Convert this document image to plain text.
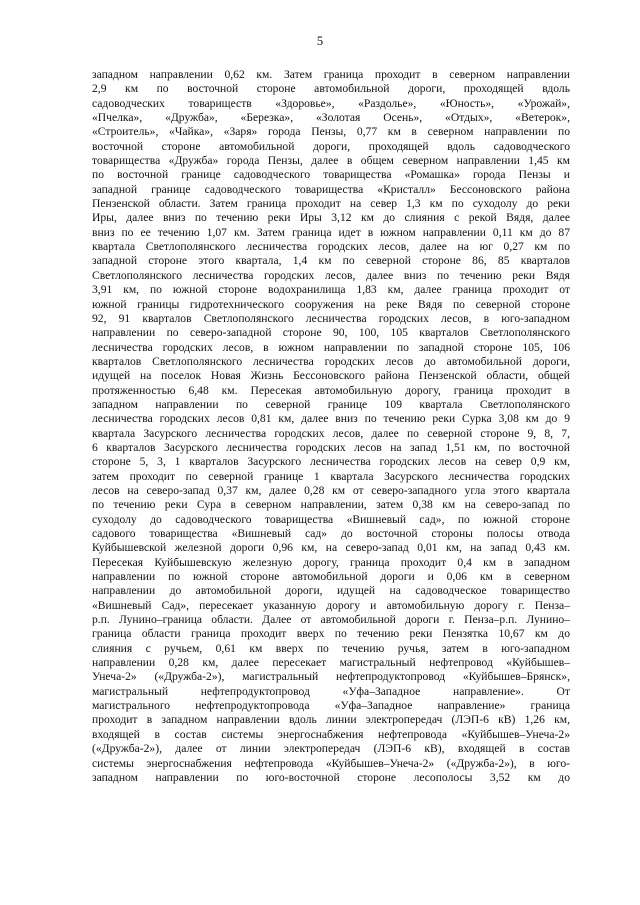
5
западном направлении 0,62 км. Затем граница проходит в северном направлении
2,9 км по восточной стороне автомобильной дороги, проходящей вдоль
садоводческих товариществ «Здоровье», «Раздолье», «Юность», «Урожай»,
«Пчелка», «Дружба», «Березка», «Золотая Осень», «Отдых», «Ветерок»,
«Строитель», «Чайка», «Заря» города Пензы, 0,77 км в северном направлении по
восточной стороне автомобильной дороги, проходящей вдоль садоводческого
товарищества «Дружба» города Пензы, далее в общем северном направлении 1,45 км
по восточной границе садоводческого товарищества «Ромашка» города Пензы и
западной границе садоводческого товарищества «Кристалл» Бессоновского района
Пензенской области. Затем граница проходит на север 1,3 км по суходолу до реки
Иры, далее вниз по течению реки Иры 3,12 км до слияния с рекой Вядя, далее
вниз по ее течению 1,07 км. Затем граница идет в южном направлении 0,11 км до 87
квартала Светлополянского лесничества городских лесов, далее на юг 0,27 км по
западной стороне этого квартала, 1,4 км по северной стороне 86, 85 кварталов
Светлополянского лесничества городских лесов, далее вниз по течению реки Вядя
3,91 км, по южной стороне водохранилища 1,83 км, далее граница проходит от
южной границы гидротехнического сооружения на реке Вядя по северной стороне
92, 91 кварталов Светлополянского лесничества городских лесов, в юго-западном
направлении по северо-западной стороне 90, 100, 105 кварталов Светлополянского
лесничества городских лесов, в южном направлении по западной стороне 105, 106
кварталов Светлополянского лесничества городских лесов до автомобильной дороги,
идущей на поселок Новая Жизнь Бессоновского района Пензенской области, общей
протяженностью 6,48 км. Пересекая автомобильную дорогу, граница проходит в
западном направлении по северной границе 109 квартала Светлополянского
лесничества городских лесов 0,81 км, далее вниз по течению реки Сурка 3,08 км до 9
квартала Засурского лесничества городских лесов, далее по северной стороне 9, 8, 7,
6 кварталов Засурского лесничества городских лесов на запад 1,51 км, по восточной
стороне 5, 3, 1 кварталов Засурского лесничества городских лесов на север 0,9 км,
затем проходит по северной границе 1 квартала Засурского лесничества городских
лесов на северо-запад 0,37 км, далее 0,28 км от северо-западного угла этого квартала
по течению реки Сура в северном направлении, затем 0,38 км на северо-запад по
суходолу до садоводческого товарищества «Вишневый сад», по южной стороне
садового товарищества «Вишневый сад» до восточной стороны полосы отвода
Куйбышевской железной дороги 0,96 км, на северо-запад 0,01 км, на запад 0,43 км.
Пересекая Куйбышевскую железную дорогу, граница проходит 0,4 км в западном
направлении по южной стороне автомобильной дороги и 0,06 км в северном
направлении до автомобильной дороги, идущей на садоводческое товарищество
«Вишневый Сад», пересекает указанную дорогу и автомобильную дорогу г. Пенза–
р.п. Лунино–граница области. Далее от автомобильной дороги г. Пенза–р.п. Лунино–
граница области граница проходит вверх по течению реки Пензятка 10,67 км до
слияния с ручьем, 0,61 км вверх по течению ручья, затем в юго-западном
направлении 0,28 км, далее пересекает магистральный нефтепровод «Куйбышев–
Унеча-2» («Дружба-2»), магистральный нефтепродуктопровод «Куйбышев–Брянск»,
магистральный нефтепродуктопровод «Уфа–Западное направление». От
магистрального нефтепродуктопровода «Уфа–Западное направление» граница
проходит в западном направлении вдоль линии электропередач (ЛЭП-6 кВ) 1,26 км,
входящей в состав системы энергоснабжения нефтепровода «Куйбышев–Унеча-2»
(«Дружба-2»), далее от линии электропередач (ЛЭП-6 кВ), входящей в состав
системы энергоснабжения нефтепровода «Куйбышев–Унеча-2» («Дружба-2»), в юго-
западном направлении по юго-восточной стороне лесополосы 3,52 км до
